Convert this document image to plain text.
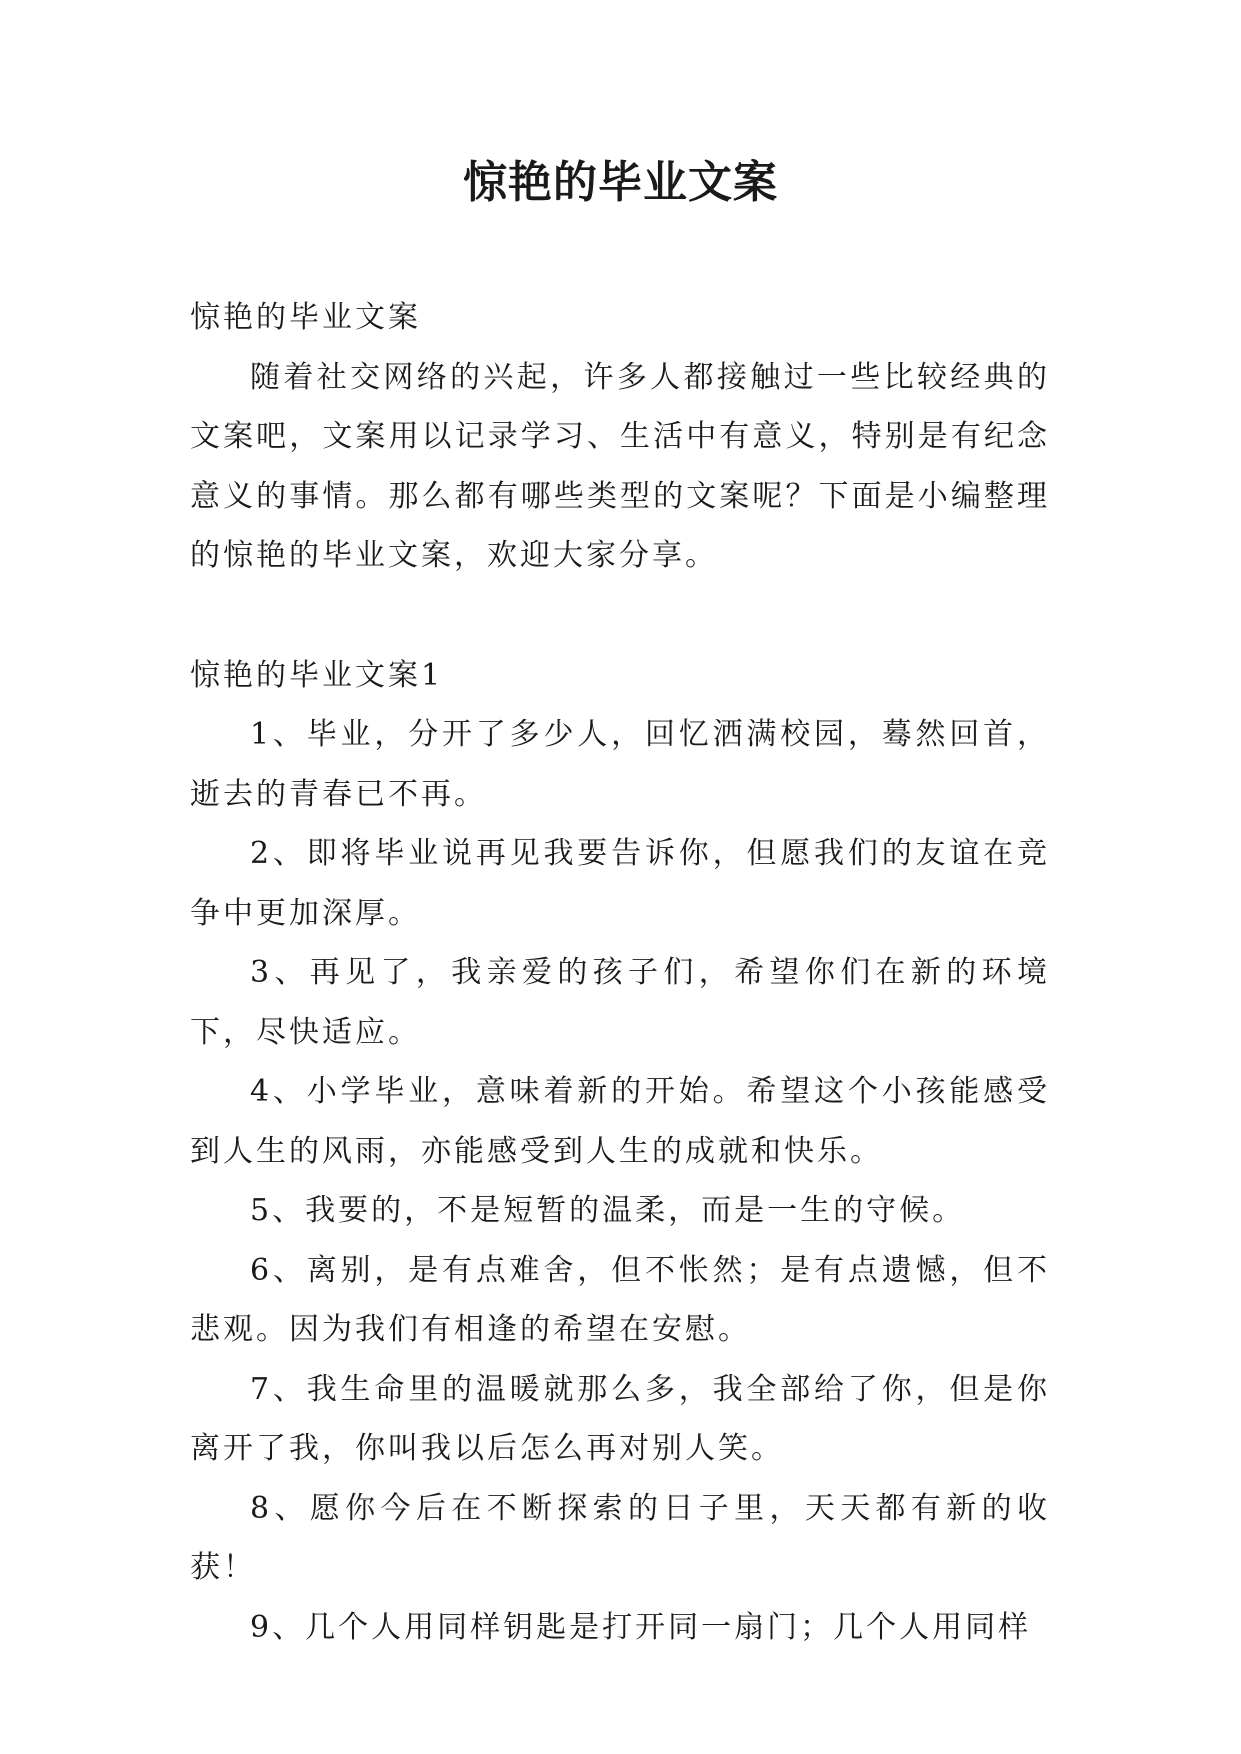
惊艳的毕业文案

惊艳的毕业文案

随着社交网络的兴起，许多人都接触过一些比较经典的文案吧，文案用以记录学习、生活中有意义，特别是有纪念意义的事情。那么都有哪些类型的文案呢？下面是小编整理的惊艳的毕业文案，欢迎大家分享。

惊艳的毕业文案1

1、毕业，分开了多少人，回忆洒满校园，蓦然回首，逝去的青春已不再。

2、即将毕业说再见我要告诉你，但愿我们的友谊在竞争中更加深厚。

3、再见了，我亲爱的孩子们，希望你们在新的环境下，尽快适应。

4、小学毕业，意味着新的开始。希望这个小孩能感受到人生的风雨，亦能感受到人生的成就和快乐。

5、我要的，不是短暂的温柔，而是一生的守候。

6、离别，是有点难舍，但不怅然；是有点遗憾，但不悲观。因为我们有相逢的希望在安慰。

7、我生命里的温暖就那么多，我全部给了你，但是你离开了我，你叫我以后怎么再对别人笑。

8、愿你今后在不断探索的日子里，天天都有新的收获！

9、几个人用同样钥匙是打开同一扇门；几个人用同样
